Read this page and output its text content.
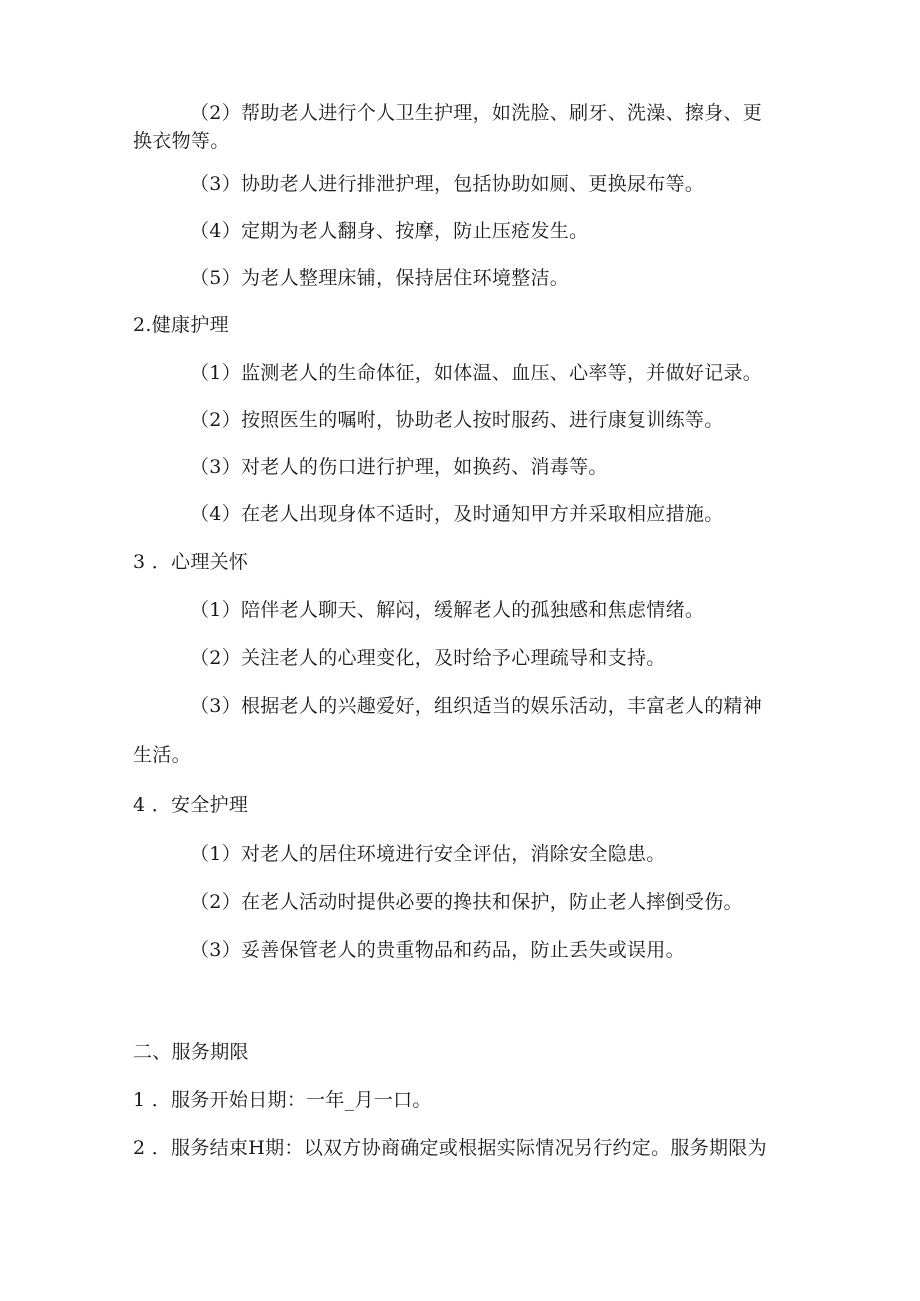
（2）帮助老人进行个人卫生护理，如洗脸、刷牙、洗澡、擦身、更
换衣物等。
（3）协助老人进行排泄护理，包括协助如厕、更换尿布等。
（4）定期为老人翻身、按摩，防止压疮发生。
（5）为老人整理床铺，保持居住环境整洁。
2.健康护理
（1）监测老人的生命体征，如体温、血压、心率等，并做好记录。
（2）按照医生的嘱咐，协助老人按时服药、进行康复训练等。
（3）对老人的伤口进行护理，如换药、消毒等。
（4）在老人出现身体不适时，及时通知甲方并采取相应措施。
3 ．心理关怀
（1）陪伴老人聊天、解闷，缓解老人的孤独感和焦虑情绪。
（2）关注老人的心理变化，及时给予心理疏导和支持。
（3）根据老人的兴趣爱好，组织适当的娱乐活动，丰富老人的精神
生活。
4 ．安全护理
（1）对老人的居住环境进行安全评估，消除安全隐患。
（2）在老人活动时提供必要的搀扶和保护，防止老人摔倒受伤。
（3）妥善保管老人的贵重物品和药品，防止丢失或误用。
二、服务期限
1 ．服务开始日期：一年_月一口。
2 ．服务结束H期：以双方协商确定或根据实际情况另行约定。服务期限为
